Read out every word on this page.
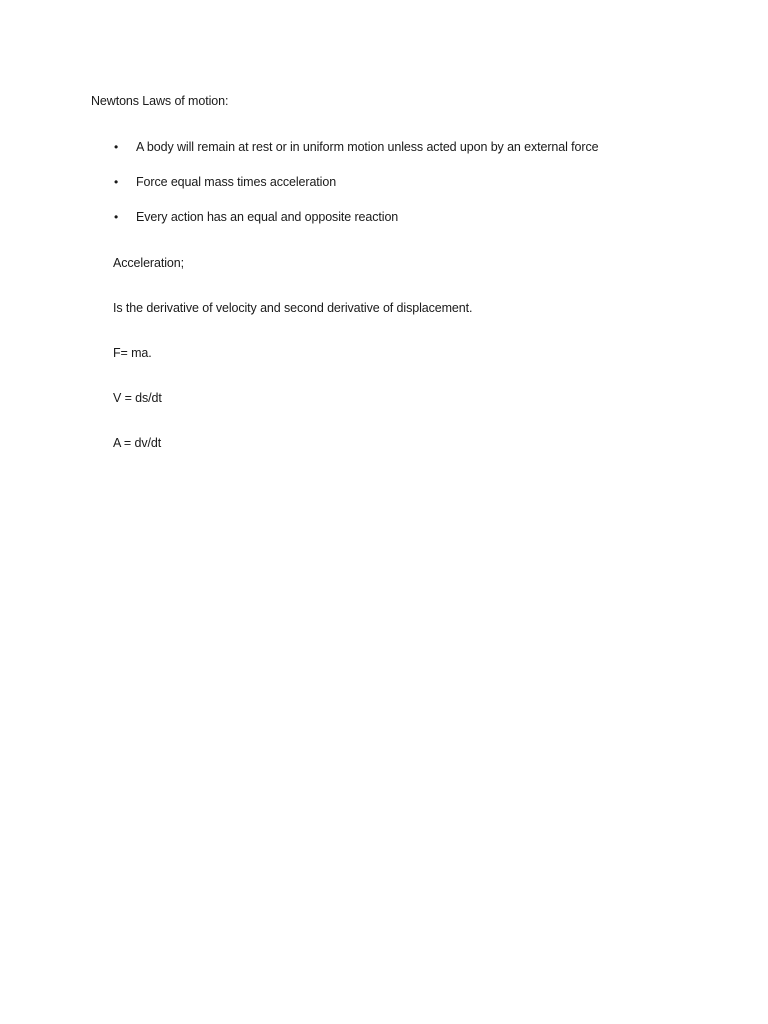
Newtons Laws of motion:
• A body will remain at rest or in uniform motion unless acted upon by an external force
• Force equal mass times acceleration
• Every action has an equal and opposite reaction
Acceleration;
Is the derivative of velocity and second derivative of displacement.
F= ma.
V = ds/dt
A = dv/dt
